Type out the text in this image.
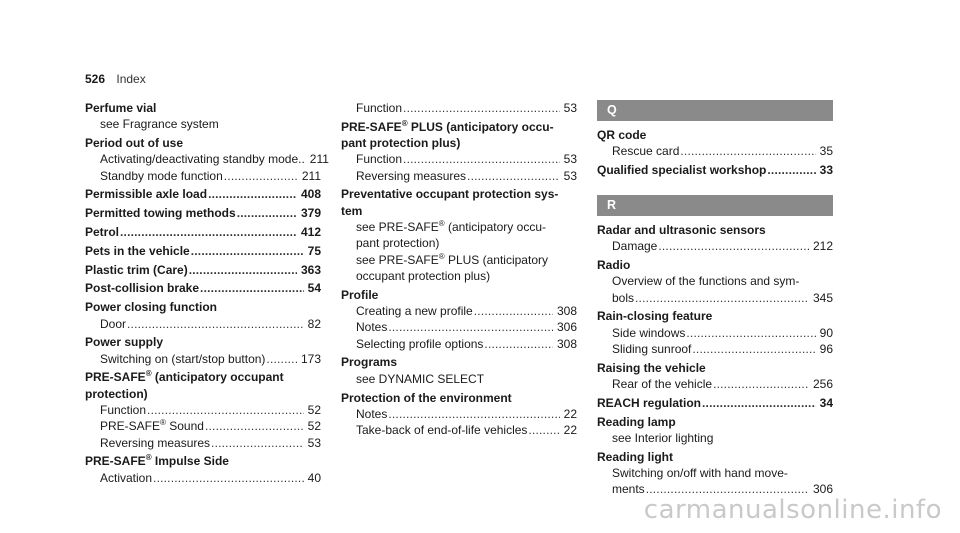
526 Index
Perfume vial
see Fragrance system
Period out of use
Activating/deactivating standby mode.. 211
Standby mode function .....	211
Permissible axle load .....	408
Permitted towing methods .....	379
Petrol .....	412
Pets in the vehicle .....	75
Plastic trim (Care) .....	363
Post-collision brake .....	54
Power closing function
Door .....	82
Power supply
Switching on (start/stop button) .....	173
PRE-SAFE® (anticipatory occupant
protection)
Function .....	52
PRE-SAFE® Sound .....	52
Reversing measures .....	53
PRE-SAFE® Impulse Side
Activation .....	40
Function .....	53
PRE-SAFE® PLUS (anticipatory occu-
pant protection plus)
Function .....	53
Reversing measures .....	53
Preventative occupant protection sys-
tem
see PRE-SAFE® (anticipatory occu-
pant protection)
see PRE-SAFE® PLUS (anticipatory
occupant protection plus)
Profile
Creating a new profile .....	308
Notes .....	306
Selecting profile options .....	308
Programs
see DYNAMIC SELECT
Protection of the environment
Notes .....	22
Take-back of end-of-life vehicles .....	22
Q
QR code
Rescue card .....	35
Qualified specialist workshop .....	33
R
Radar and ultrasonic sensors
Damage .....	212
Radio
Overview of the functions and sym-
bols .....	345
Rain-closing feature
Side windows .....	90
Sliding sunroof .....	96
Raising the vehicle
Rear of the vehicle .....	256
REACH regulation .....	34
Reading lamp
see Interior lighting
Reading light
Switching on/off with hand move-
ments .....	306
carmanualsonline.info
